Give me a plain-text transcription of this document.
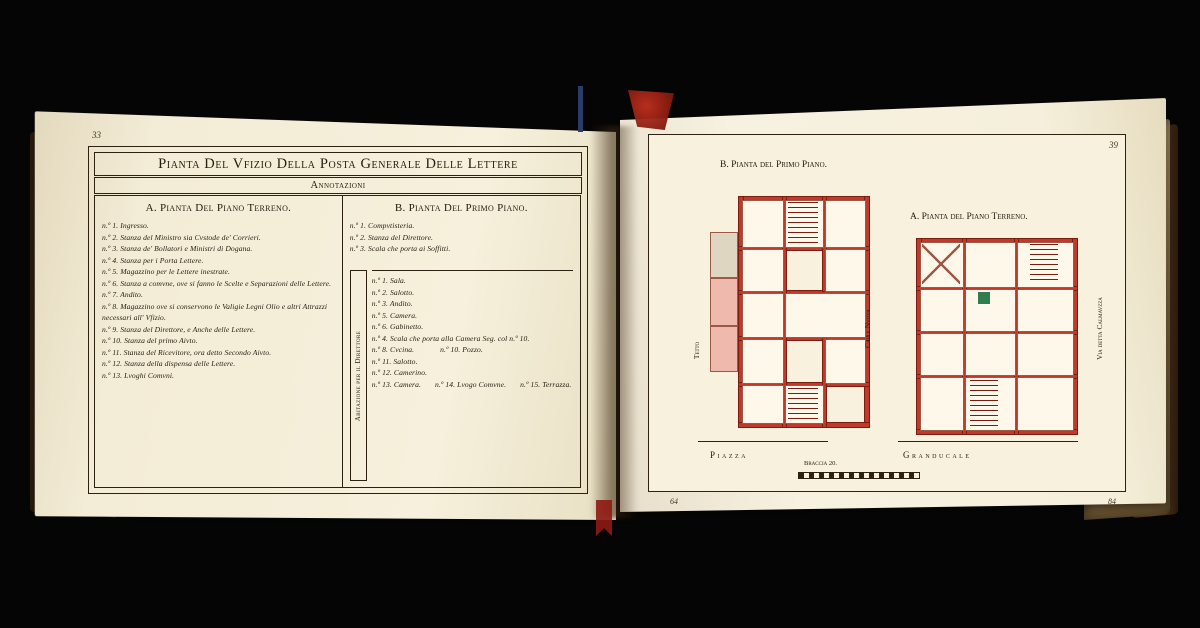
33
Pianta Del Vfizio Della Posta Generale Delle Lettere
Annotazioni
A. Pianta Del Piano Terreno.
n.º 1. Ingresso.
n.º 2. Stanza del Ministro sia Cvstode de' Corrieri.
n.º 3. Stanza de' Bollatori e Ministri di Dogana.
n.º 4. Stanza per i Porta Lettere.
n.º 5. Magazzino per le Lettere inestrate.
n.º 6. Stanza a comvne, ove si fanno le Scelte e Separazioni delle Lettere.
n.º 7. Andito.
n.º 8. Magazzino ove si conservono le Valigie Legni Olio e altri Attrazzi necessari all' Vfizio.
n.º 9. Stanza del Direttore, e Anche delle Lettere.
n.º 10. Stanza del primo Aivto.
n.º 11. Stanza del Ricevitore, ora detto Secondo Aivto.
n.º 12. Stanza della dispensa delle Lettere.
n.º 13. Lvoghi Comvni.
B. Pianta Del Primo Piano.
n.º 1. Compvtisteria.
n.º 2. Stanza del Direttore.
n.º 3. Scala che porta ai Soffitti.
Abitazione per il Direttore
n.º 1. Sala.
n.º 2. Salotto.
n.º 3. Andito.
n.º 5. Camera.
n.º 6. Gabinetto.
n.º 4. Scala che porta alla Camera Seg. col n.º 10.
n.º 8. Cvcina.	n.º 10. Pozzo.
n.º 11. Salotto.
n.º 12. Camerino.
n.º 13. Camera. n.º 14. Lvogo Comvne. n.º 15. Terrazza.
39
B. Pianta del Primo Piano.
A. Pianta del Piano Terreno.
Tetto
Calle Nvova	Via detta Calmavzza
Piazza	Granducale
Braccia 20.
64	84
